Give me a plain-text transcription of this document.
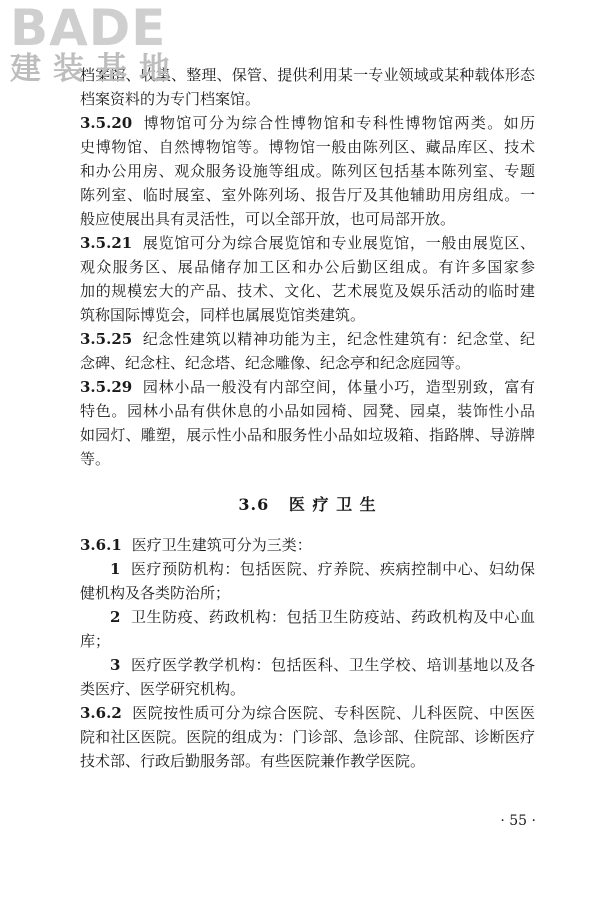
BADE
建装基地
档案馆、收集、整理、保管、提供利用某一专业领域或某种载体形态
档案资料的为专门档案馆。
3.5.20 博物馆可分为综合性博物馆和专科性博物馆两类。如历
史博物馆、自然博物馆等。博物馆一般由陈列区、藏品库区、技术
和办公用房、观众服务设施等组成。陈列区包括基本陈列室、专题
陈列室、临时展室、室外陈列场、报告厅及其他辅助用房组成。一
般应使展出具有灵活性，可以全部开放，也可局部开放。
3.5.21 展览馆可分为综合展览馆和专业展览馆，一般由展览区、
观众服务区、展品储存加工区和办公后勤区组成。有许多国家参
加的规模宏大的产品、技术、文化、艺术展览及娱乐活动的临时建
筑称国际博览会，同样也属展览馆类建筑。
3.5.25 纪念性建筑以精神功能为主，纪念性建筑有：纪念堂、纪
念碑、纪念柱、纪念塔、纪念雕像、纪念亭和纪念庭园等。
3.5.29 园林小品一般没有内部空间，体量小巧，造型别致，富有
特色。园林小品有供休息的小品如园椅、园凳、园桌，装饰性小品
如园灯、雕塑，展示性小品和服务性小品如垃圾箱、指路牌、导游牌
等。
3.6 医 疗 卫 生
3.6.1 医疗卫生建筑可分为三类：
1 医疗预防机构：包括医院、疗养院、疾病控制中心、妇幼保
健机构及各类防治所；
2 卫生防疫、药政机构：包括卫生防疫站、药政机构及中心血
库；
3 医疗医学教学机构：包括医科、卫生学校、培训基地以及各
类医疗、医学研究机构。
3.6.2 医院按性质可分为综合医院、专科医院、儿科医院、中医医
院和社区医院。医院的组成为：门诊部、急诊部、住院部、诊断医疗
技术部、行政后勤服务部。有些医院兼作教学医院。
· 55 ·
